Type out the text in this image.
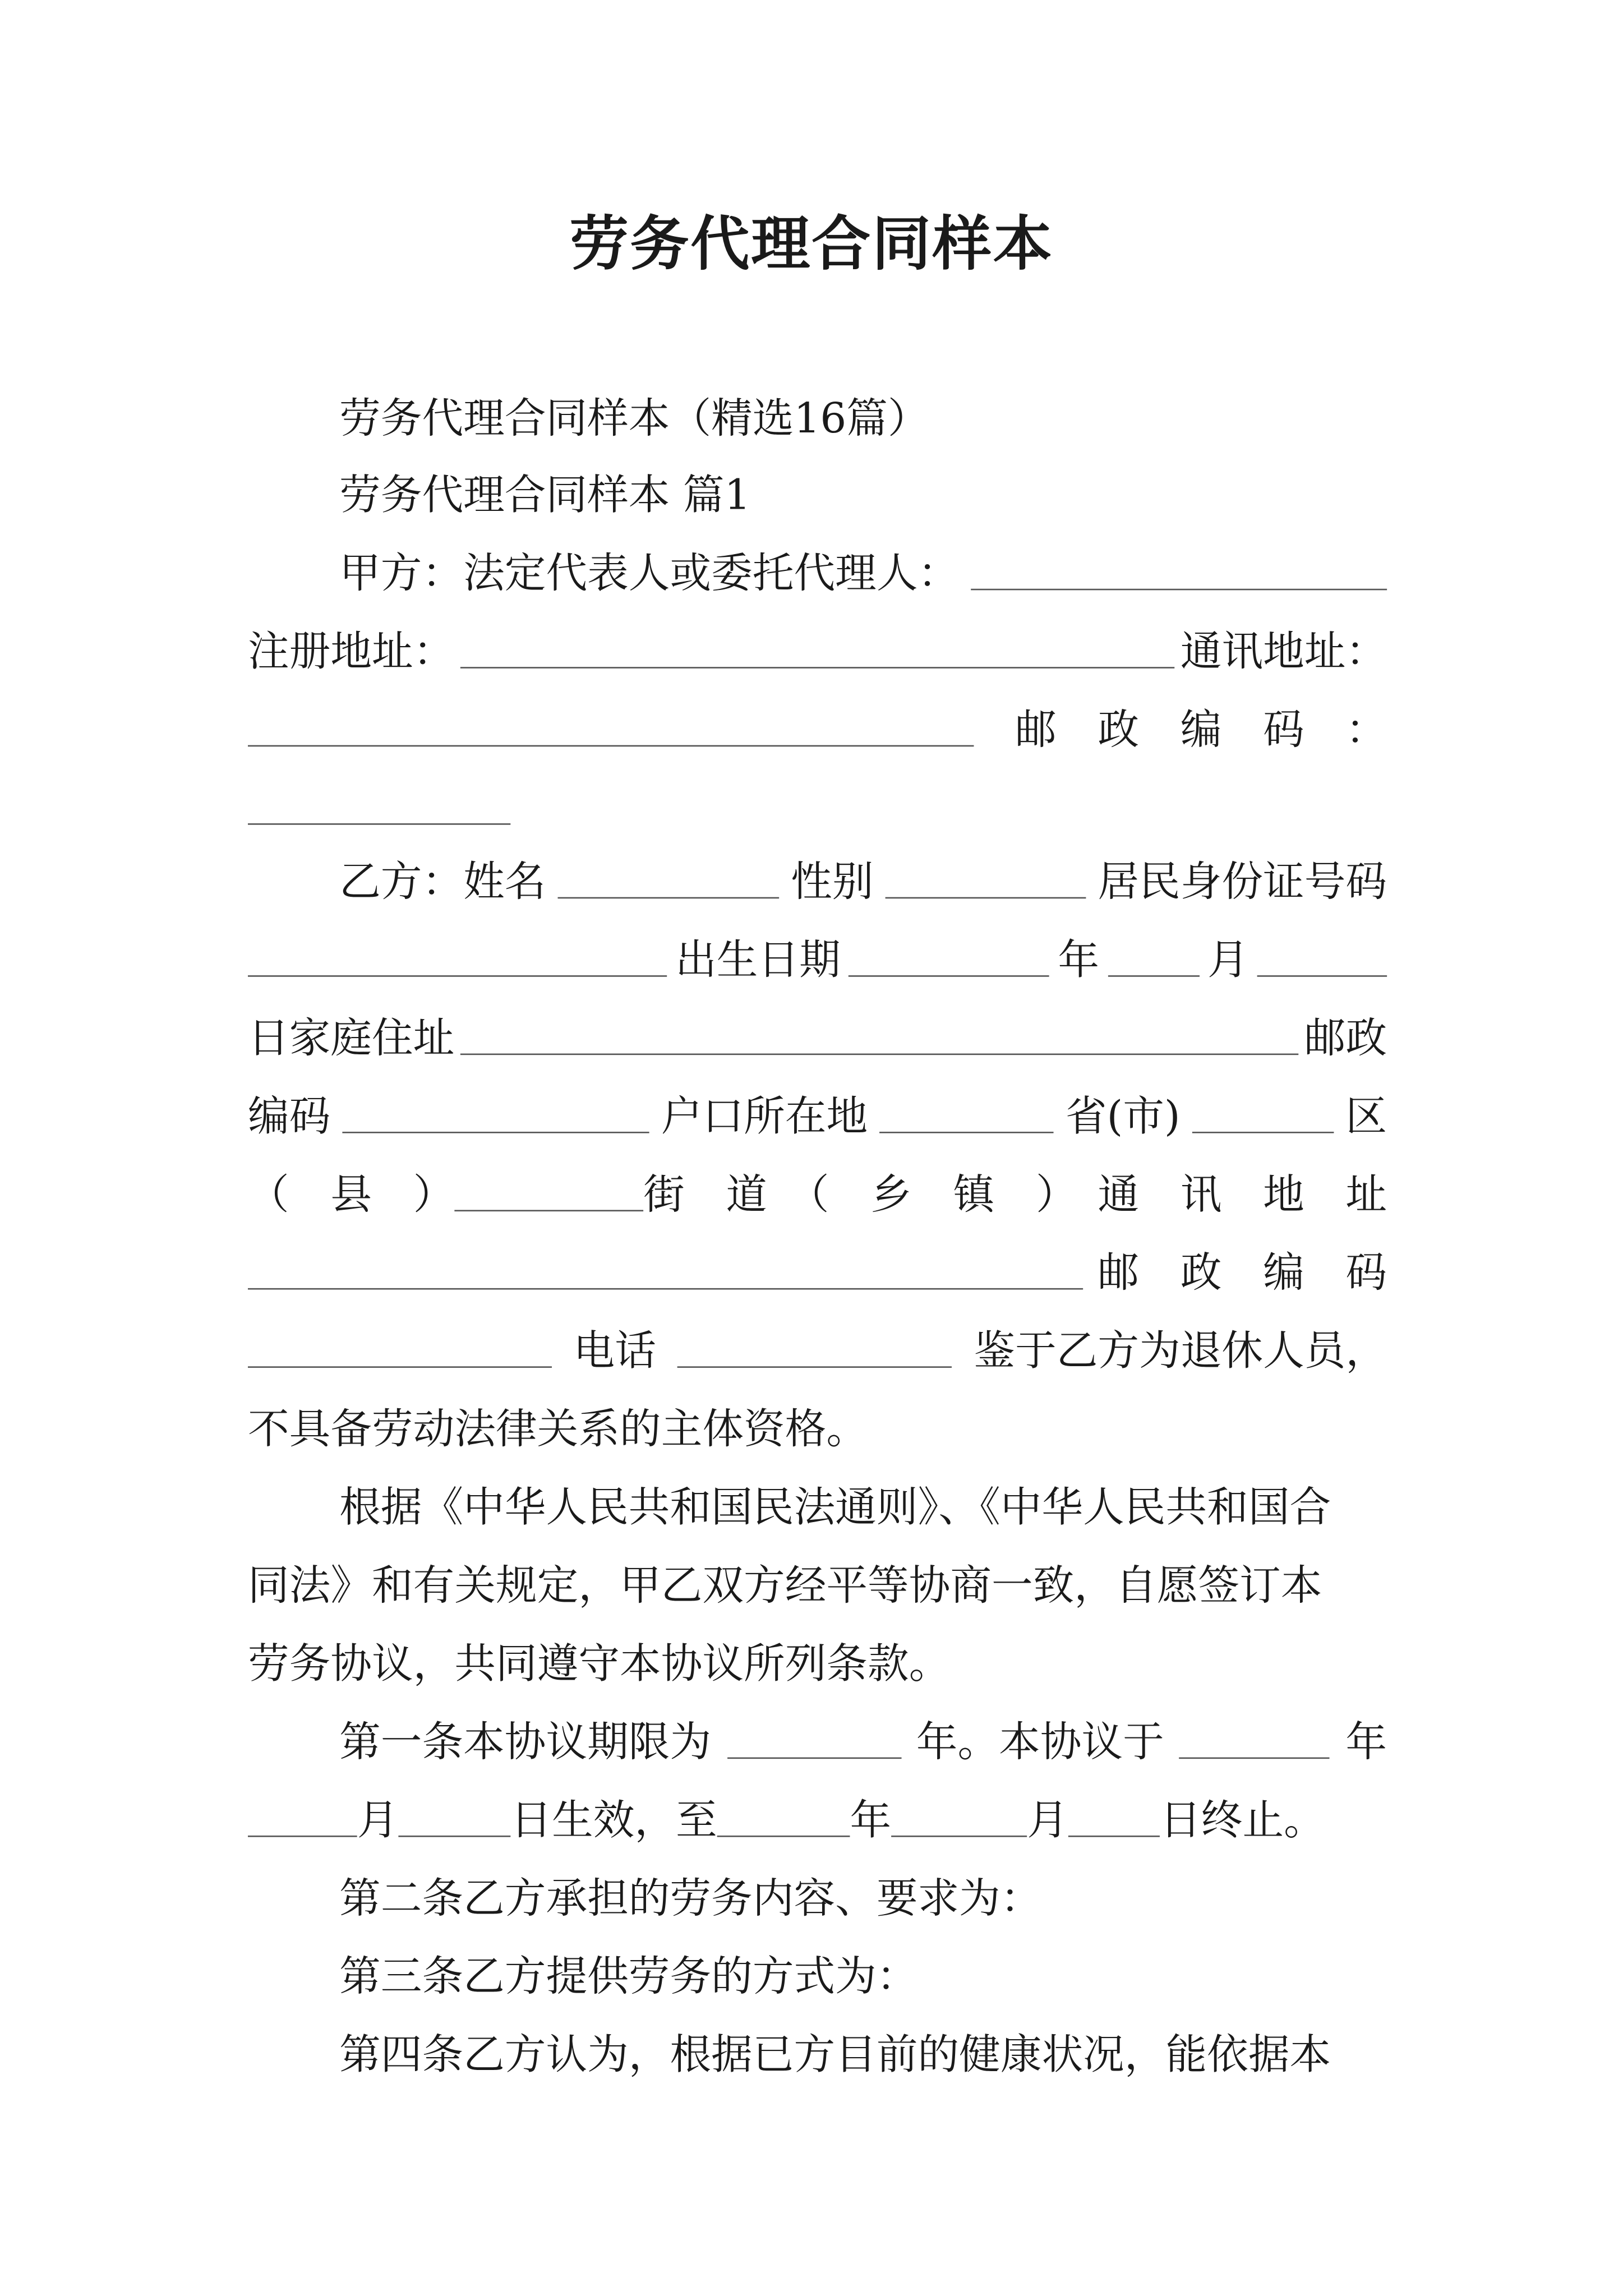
劳务代理合同样本
劳务代理合同样本（精选16篇）
劳务代理合同样本 篇1
甲方：法定代表人或委托代理人：
注册地址：	通讯地址：
邮　政　编　码　：
乙方：姓名	性别	居民身份证号码
出生日期	年	月
日家庭住址	邮政
编码	户口所在地	省(市)	区
（　县　）	街　道　（　乡　镇　）　通　讯　地　址
邮　政　编　码
电话	鉴于乙方为退休人员，
不具备劳动法律关系的主体资格。
根据《中华人民共和国民法通则》、《中华人民共和国合
同法》和有关规定，甲乙双方经平等协商一致，自愿签订本
劳务协议，共同遵守本协议所列条款。
第一条本协议期限为	年。本协议于	年
月	日生效，至	年	月	日终止。
第二条乙方承担的劳务内容、要求为：
第三条乙方提供劳务的方式为：
第四条乙方认为，根据已方目前的健康状况，能依据本
